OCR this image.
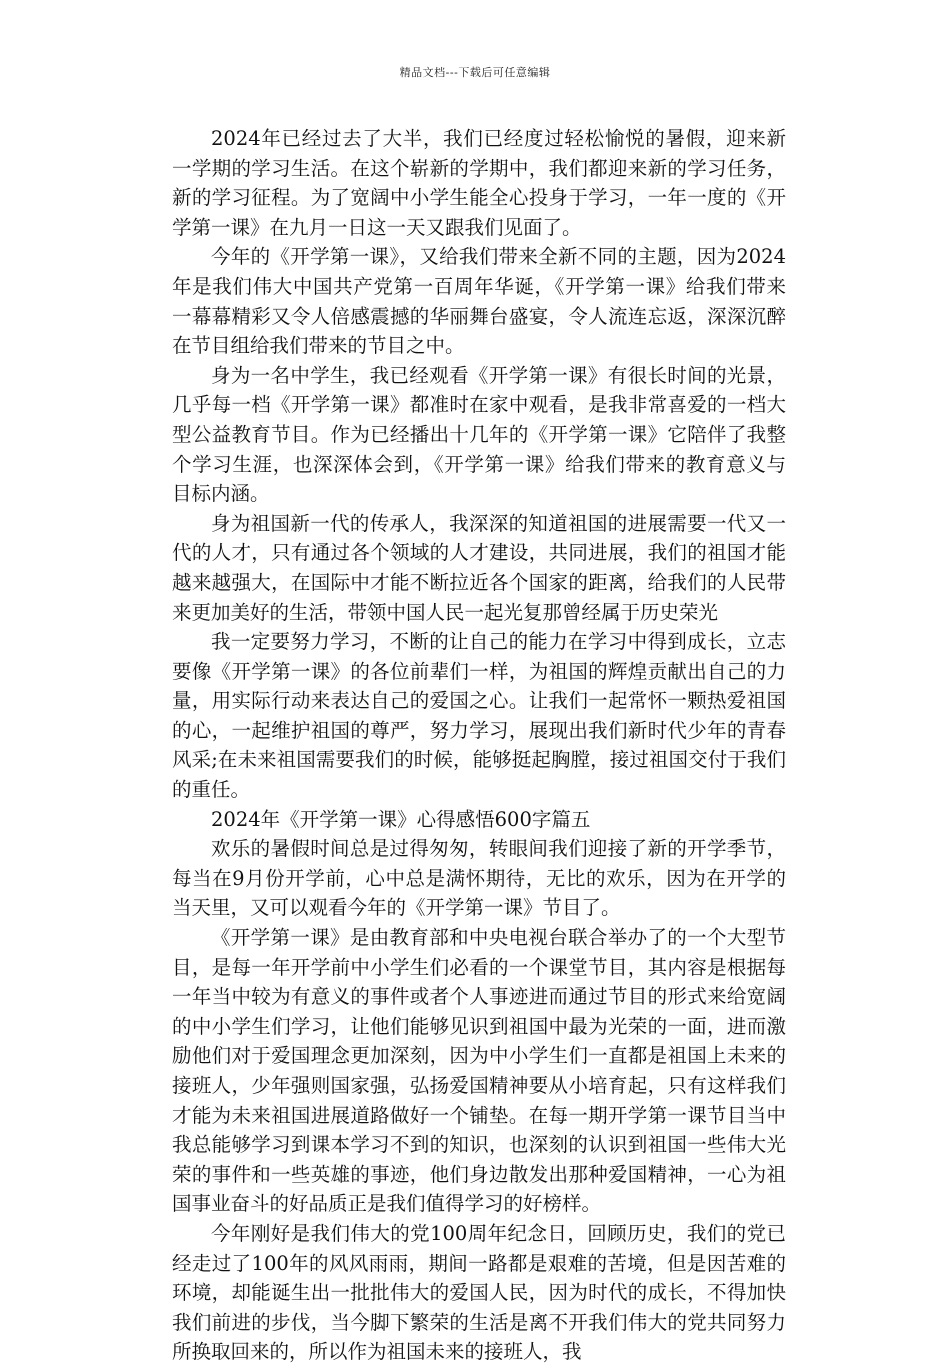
精品文档---下载后可任意编辑

2024年已经过去了大半，我们已经度过轻松愉悦的暑假，迎来新一学期的学习生活。在这个崭新的学期中，我们都迎来新的学习任务，新的学习征程。为了宽阔中小学生能全心投身于学习，一年一度的《开学第一课》在九月一日这一天又跟我们见面了。

今年的《开学第一课》，又给我们带来全新不同的主题，因为2024年是我们伟大中国共产党第一百周年华诞，《开学第一课》给我们带来一幕幕精彩又令人倍感震撼的华丽舞台盛宴，令人流连忘返，深深沉醉在节目组给我们带来的节目之中。

身为一名中学生，我已经观看《开学第一课》有很长时间的光景，几乎每一档《开学第一课》都准时在家中观看，是我非常喜爱的一档大型公益教育节目。作为已经播出十几年的《开学第一课》它陪伴了我整个学习生涯，也深深体会到，《开学第一课》给我们带来的教育意义与目标内涵。

身为祖国新一代的传承人，我深深的知道祖国的进展需要一代又一代的人才，只有通过各个领域的人才建设，共同进展，我们的祖国才能越来越强大，在国际中才能不断拉近各个国家的距离，给我们的人民带来更加美好的生活，带领中国人民一起光复那曾经属于历史荣光

我一定要努力学习，不断的让自己的能力在学习中得到成长，立志要像《开学第一课》的各位前辈们一样，为祖国的辉煌贡献出自己的力量，用实际行动来表达自己的爱国之心。让我们一起常怀一颗热爱祖国的心，一起维护祖国的尊严，努力学习，展现出我们新时代少年的青春风采;在未来祖国需要我们的时候，能够挺起胸膛，接过祖国交付于我们的重任。

2024年《开学第一课》心得感悟600字篇五

欢乐的暑假时间总是过得匆匆，转眼间我们迎接了新的开学季节，每当在9月份开学前，心中总是满怀期待，无比的欢乐，因为在开学的当天里，又可以观看今年的《开学第一课》节目了。

《开学第一课》是由教育部和中央电视台联合举办了的一个大型节目，是每一年开学前中小学生们必看的一个课堂节目，其内容是根据每一年当中较为有意义的事件或者个人事迹进而通过节目的形式来给宽阔的中小学生们学习，让他们能够见识到祖国中最为光荣的一面，进而激励他们对于爱国理念更加深刻，因为中小学生们一直都是祖国上未来的接班人，少年强则国家强，弘扬爱国精神要从小培育起，只有这样我们才能为未来祖国进展道路做好一个铺垫。在每一期开学第一课节目当中我总能够学习到课本学习不到的知识，也深刻的认识到祖国一些伟大光荣的事件和一些英雄的事迹，他们身边散发出那种爱国精神，一心为祖国事业奋斗的好品质正是我们值得学习的好榜样。

今年刚好是我们伟大的党100周年纪念日，回顾历史，我们的党已经走过了100年的风风雨雨，期间一路都是艰难的苦境，但是因苦难的环境，却能诞生出一批批伟大的爱国人民，因为时代的成长，不得加快我们前进的步伐，当今脚下繁荣的生活是离不开我们伟大的党共同努力所换取回来的，所以作为祖国未来的接班人，我
